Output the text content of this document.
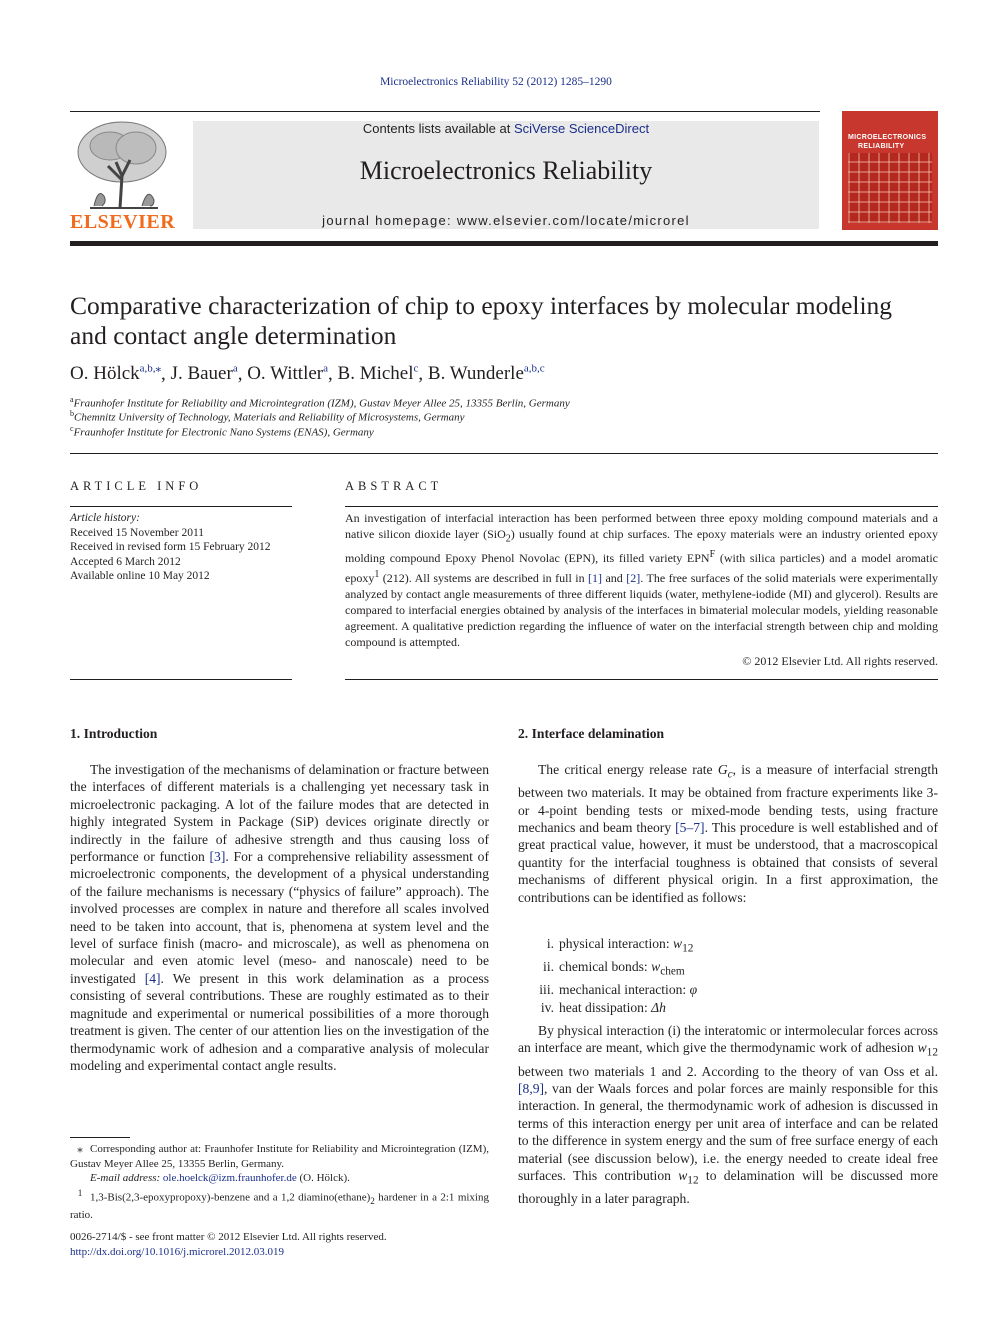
Microelectronics Reliability 52 (2012) 1285–1290
ELSEVIER
Contents lists available at SciVerse ScienceDirect
Microelectronics Reliability
journal homepage: www.elsevier.com/locate/microrel
MICROELECTRONICS
RELIABILITY
Comparative characterization of chip to epoxy interfaces by molecular modeling
and contact angle determination
O. Hölck$^{a,b,⁎}$, J. Bauer$^a$, O. Wittler$^a$, B. Michel$^c$, B. Wunderle$^{a,b,c}$
$^a$Fraunhofer Institute for Reliability and Microintegration (IZM), Gustav Meyer Allee 25, 13355 Berlin, Germany
$^b$Chemnitz University of Technology, Materials and Reliability of Microsystems, Germany
$^c$Fraunhofer Institute for Electronic Nano Systems (ENAS), Germany
ARTICLE INFO
Article history:
Received 15 November 2011
Received in revised form 15 February 2012
Accepted 6 March 2012
Available online 10 May 2012
ABSTRACT
An investigation of interfacial interaction has been performed between three epoxy molding compound materials and a native silicon dioxide layer (SiO$_2$) usually found at chip surfaces. The epoxy materials were an industry oriented epoxy molding compound Epoxy Phenol Novolac (EPN), its filled variety $EPN^F$ (with silica particles) and a model aromatic epoxy$^1$ (212). All systems are described in full in [1] and [2]. The free surfaces of the solid materials were experimentally analyzed by contact angle measurements of three different liquids (water, methylene-iodide (MI) and glycerol). Results are compared to interfacial energies obtained by analysis of the interfaces in bimaterial molecular models, yielding reasonable agreement. A qualitative prediction regarding the influence of water on the interfacial strength between chip and molding compound is attempted.
© 2012 Elsevier Ltd. All rights reserved.
1. Introduction
The investigation of the mechanisms of delamination or fracture between the interfaces of different materials is a challenging yet necessary task in microelectronic packaging. A lot of the failure modes that are detected in highly integrated System in Package (SiP) devices originate directly or indirectly in the failure of adhesive strength and thus causing loss of performance or function [3]. For a comprehensive reliability assessment of microelectronic components, the development of a physical understanding of the failure mechanisms is necessary (“physics of failure” approach). The involved processes are complex in nature and therefore all scales involved need to be taken into account, that is, phenomena at system level and the level of surface finish (macro- and microscale), as well as phenomena on molecular and even atomic level (meso- and nanoscale) need to be investigated [4]. We present in this work delamination as a process consisting of several contributions. These are roughly estimated as to their magnitude and experimental or numerical possibilities of a more thorough treatment is given. The center of our attention lies on the investigation of the thermodynamic work of adhesion and a comparative analysis of molecular modeling and experimental contact angle results.
⁎ Corresponding author at: Fraunhofer Institute for Reliability and Microintegration (IZM), Gustav Meyer Allee 25, 13355 Berlin, Germany.
E-mail address: ole.hoelck@izm.fraunhofer.de (O. Hölck).
$^1$ 1,3-Bis(2,3-epoxypropoxy)-benzene and a 1,2 $diamino(ethane)_2$ hardener in a 2:1 mixing ratio.
0026-2714/$ - see front matter © 2012 Elsevier Ltd. All rights reserved.
http://dx.doi.org/10.1016/j.microrel.2012.03.019
2. Interface delamination
The critical energy release rate $G_c$, is a measure of interfacial strength between two materials. It may be obtained from fracture experiments like 3- or 4-point bending tests or mixed-mode bending tests, using fracture mechanics and beam theory [5–7]. This procedure is well established and of great practical value, however, it must be understood, that a macroscopical quantity for the interfacial toughness is obtained that consists of several mechanisms of different physical origin. In a first approximation, the contributions can be identified as follows:
i. physical interaction: $w_{12}$
ii. chemical bonds: $w_{chem}$
iii. mechanical interaction: φ
iv. heat dissipation: Δh
By physical interaction (i) the interatomic or intermolecular forces across an interface are meant, which give the thermodynamic work of adhesion $w_{12}$ between two materials 1 and 2. According to the theory of van Oss et al. [8,9], van der Waals forces and polar forces are mainly responsible for this interaction. In general, the thermodynamic work of adhesion is discussed in terms of this interaction energy per unit area of interface and can be related to the difference in system energy and the sum of free surface energy of each material (see discussion below), i.e. the energy needed to create ideal free surfaces. This contribution $w_{12}$ to delamination will be discussed more thoroughly in a later paragraph.
